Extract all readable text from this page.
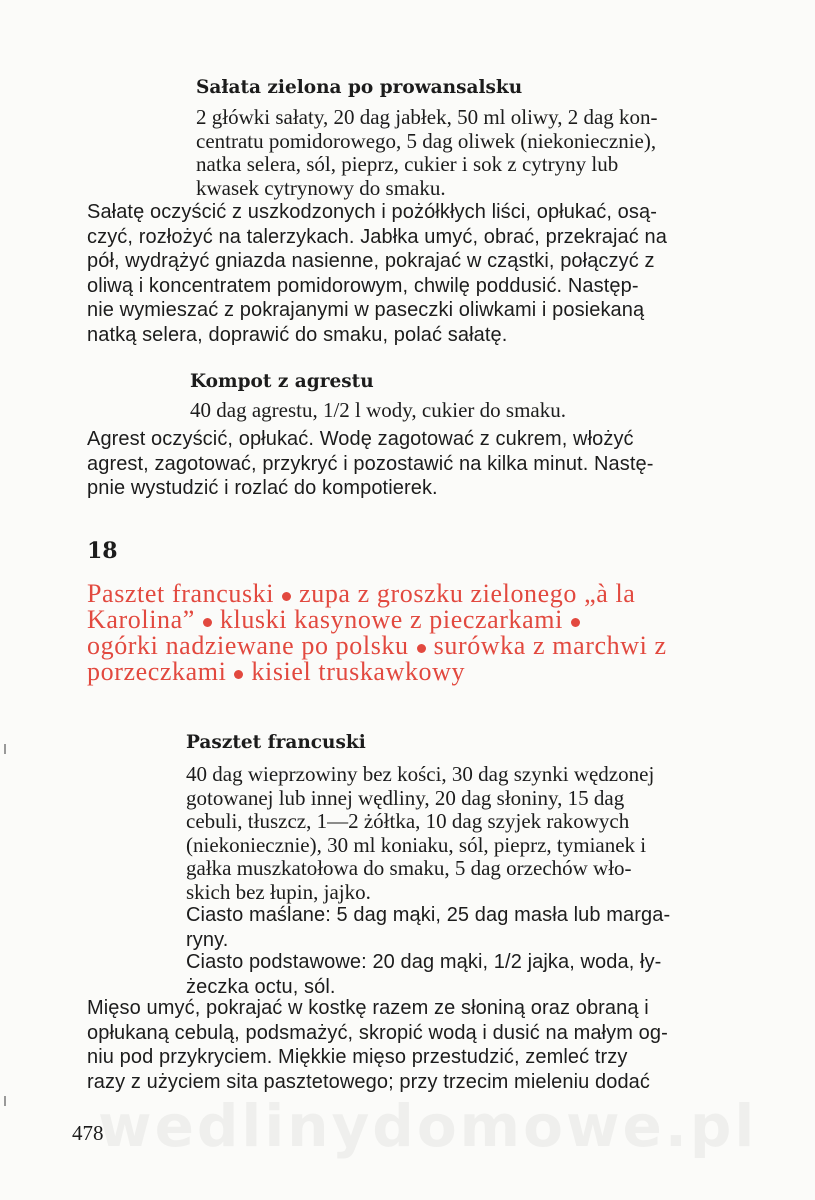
Sałata zielona po prowansalsku
2 główki sałaty, 20 dag jabłek, 50 ml oliwy, 2 dag kon-
centratu pomidorowego, 5 dag oliwek (niekoniecznie),
natka selera, sól, pieprz, cukier i sok z cytryny lub
kwasek cytrynowy do smaku.
Sałatę oczyścić z uszkodzonych i pożółkłych liści, opłukać, osą-
czyć, rozłożyć na talerzykach. Jabłka umyć, obrać, przekrajać na
pół, wydrążyć gniazda nasienne, pokrajać w cząstki, połączyć z
oliwą i koncentratem pomidorowym, chwilę poddusić. Następ-
nie wymieszać z pokrajanymi w paseczki oliwkami i posiekaną
natką selera, doprawić do smaku, polać sałatę.
Kompot z agrestu
40 dag agrestu, 1/2 l wody, cukier do smaku.
Agrest oczyścić, opłukać. Wodę zagotować z cukrem, włożyć
agrest, zagotować, przykryć i pozostawić na kilka minut. Nastę-
pnie wystudzić i rozlać do kompotierek.
18
Pasztet francuski zupa z groszku zielonego „à la
Karolina” kluski kasynowe z pieczarkami
ogórki nadziewane po polsku surówka z marchwi z
porzeczkami kisiel truskawkowy
Pasztet francuski
40 dag wieprzowiny bez kości, 30 dag szynki wędzonej
gotowanej lub innej wędliny, 20 dag słoniny, 15 dag
cebuli, tłuszcz, 1—2 żółtka, 10 dag szyjek rakowych
(niekoniecznie), 30 ml koniaku, sól, pieprz, tymianek i
gałka muszkatołowa do smaku, 5 dag orzechów wło-
skich bez łupin, jajko.
Ciasto maślane: 5 dag mąki, 25 dag masła lub marga-
ryny.
Ciasto podstawowe: 20 dag mąki, 1/2 jajka, woda, ły-
żeczka octu, sól.
Mięso umyć, pokrajać w kostkę razem ze słoniną oraz obraną i
opłukaną cebulą, podsmażyć, skropić wodą i dusić na małym og-
niu pod przykryciem. Miękkie mięso przestudzić, zemleć trzy
razy z użyciem sita pasztetowego; przy trzecim mieleniu dodać
wedlinydomowe.pl
478
